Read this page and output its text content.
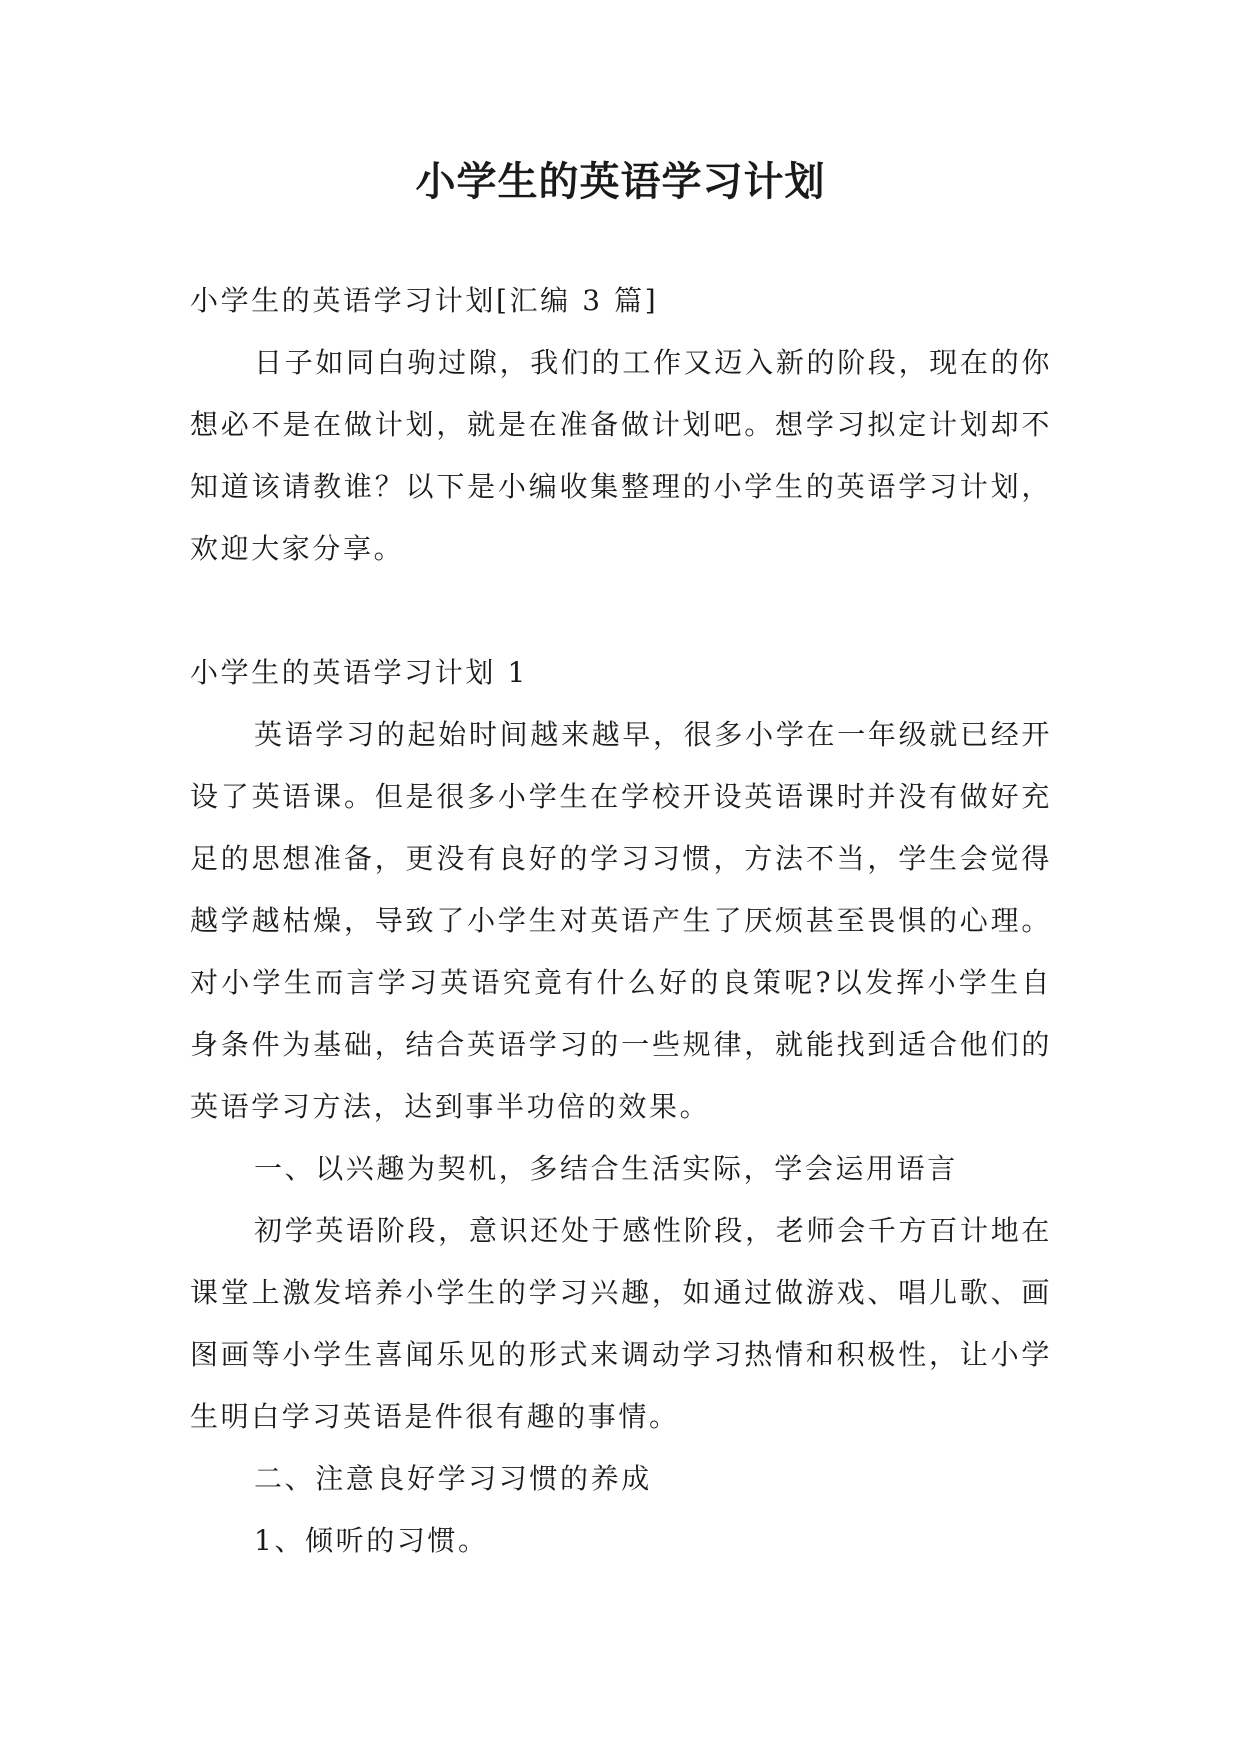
小学生的英语学习计划

小学生的英语学习计划[汇编 3 篇]

日子如同白驹过隙，我们的工作又迈入新的阶段，现在的你想必不是在做计划，就是在准备做计划吧。想学习拟定计划却不知道该请教谁？以下是小编收集整理的小学生的英语学习计划，欢迎大家分享。

小学生的英语学习计划 1

英语学习的起始时间越来越早，很多小学在一年级就已经开设了英语课。但是很多小学生在学校开设英语课时并没有做好充足的思想准备，更没有良好的学习习惯，方法不当，学生会觉得越学越枯燥，导致了小学生对英语产生了厌烦甚至畏惧的心理。对小学生而言学习英语究竟有什么好的良策呢?以发挥小学生自身条件为基础，结合英语学习的一些规律，就能找到适合他们的英语学习方法，达到事半功倍的效果。

一、以兴趣为契机，多结合生活实际，学会运用语言

初学英语阶段，意识还处于感性阶段，老师会千方百计地在课堂上激发培养小学生的学习兴趣，如通过做游戏、唱儿歌、画图画等小学生喜闻乐见的形式来调动学习热情和积极性，让小学生明白学习英语是件很有趣的事情。

二、注意良好学习习惯的养成

1、倾听的习惯。
